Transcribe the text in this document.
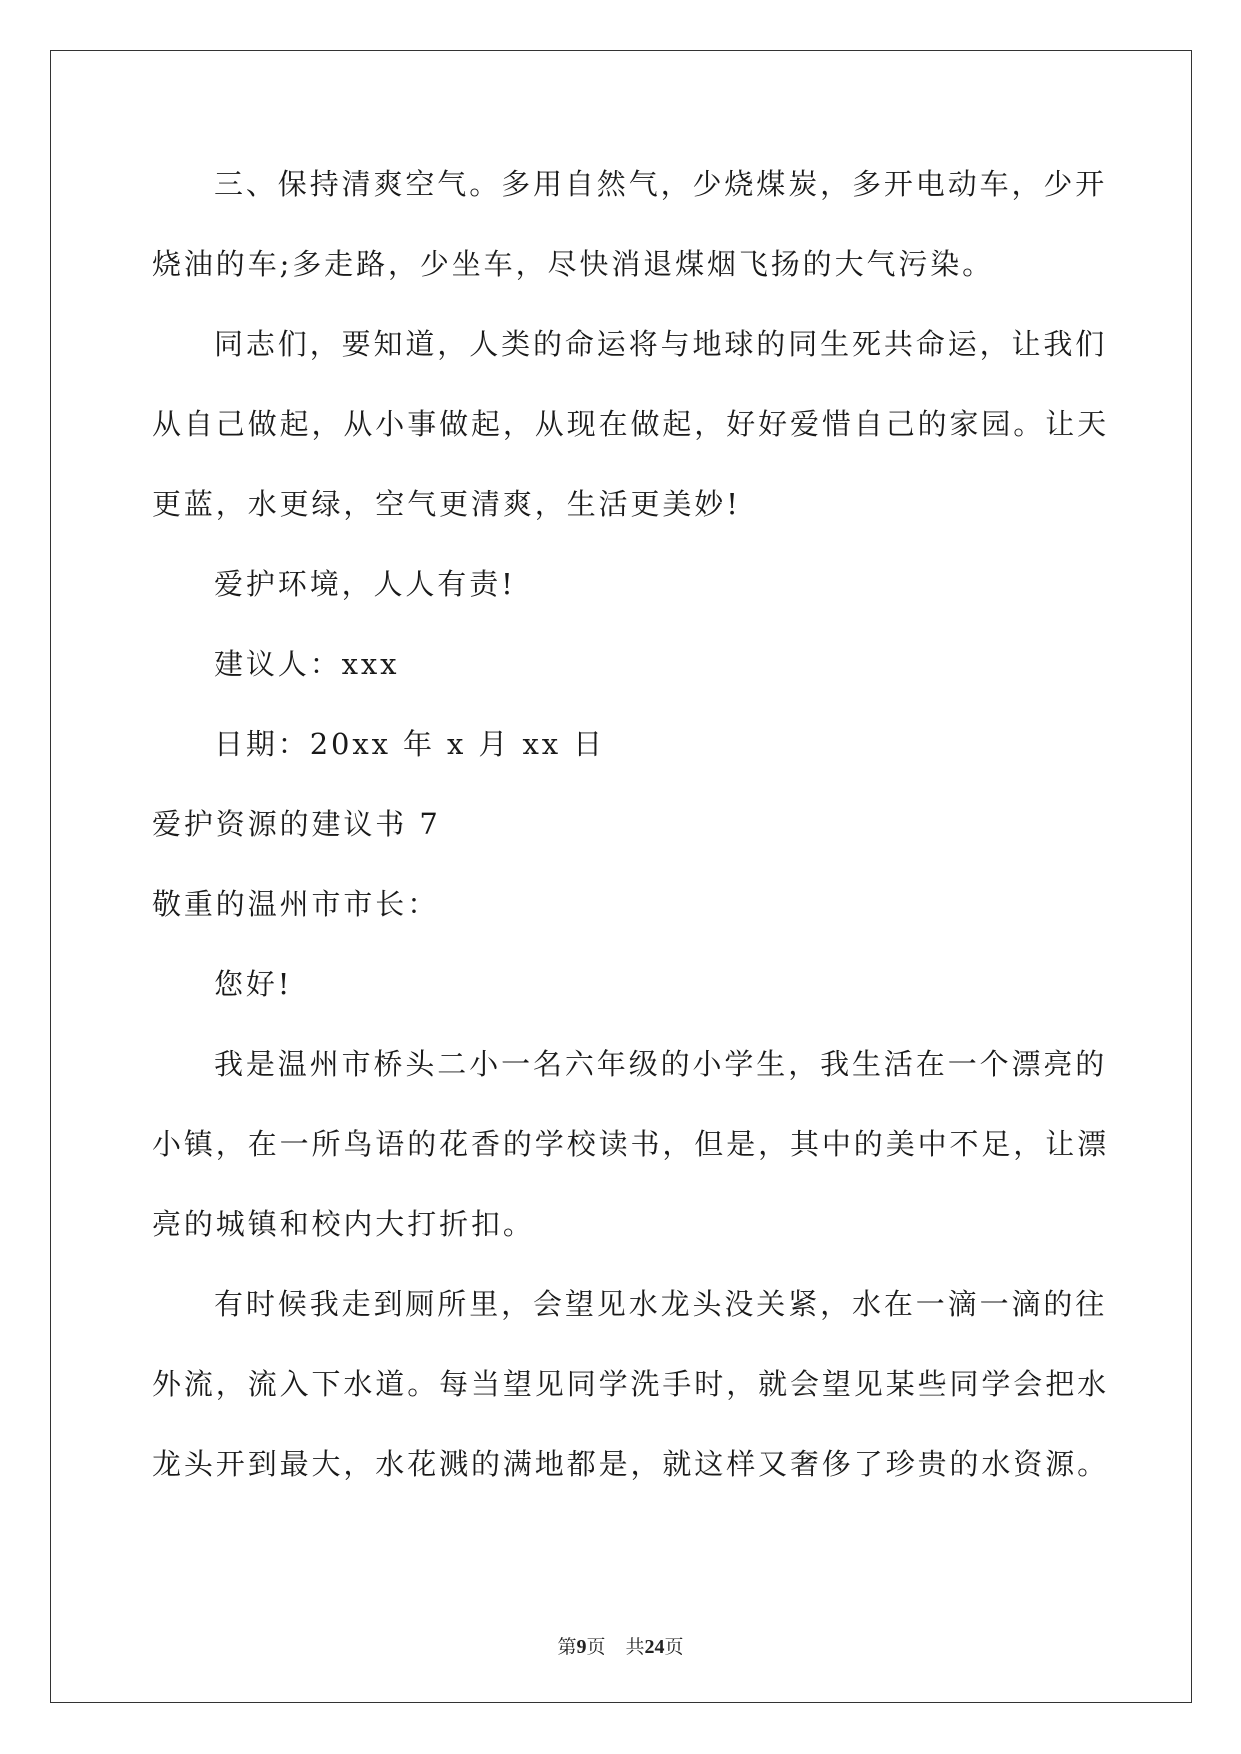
三、保持清爽空气。多用自然气，少烧煤炭，多开电动车，少开
烧油的车;多走路，少坐车，尽快消退煤烟飞扬的大气污染。
同志们，要知道，人类的命运将与地球的同生死共命运，让我们
从自己做起，从小事做起，从现在做起，好好爱惜自己的家园。让天
更蓝，水更绿，空气更清爽，生活更美妙!
爱护环境，人人有责!
建议人：xxx
日期：20xx 年 x 月 xx 日
爱护资源的建议书 7
敬重的温州市市长：
您好!
我是温州市桥头二小一名六年级的小学生，我生活在一个漂亮的
小镇，在一所鸟语的花香的学校读书，但是，其中的美中不足，让漂
亮的城镇和校内大打折扣。
有时候我走到厕所里，会望见水龙头没关紧，水在一滴一滴的往
外流，流入下水道。每当望见同学洗手时，就会望见某些同学会把水
龙头开到最大，水花溅的满地都是，就这样又奢侈了珍贵的水资源。
第9页 共24页
